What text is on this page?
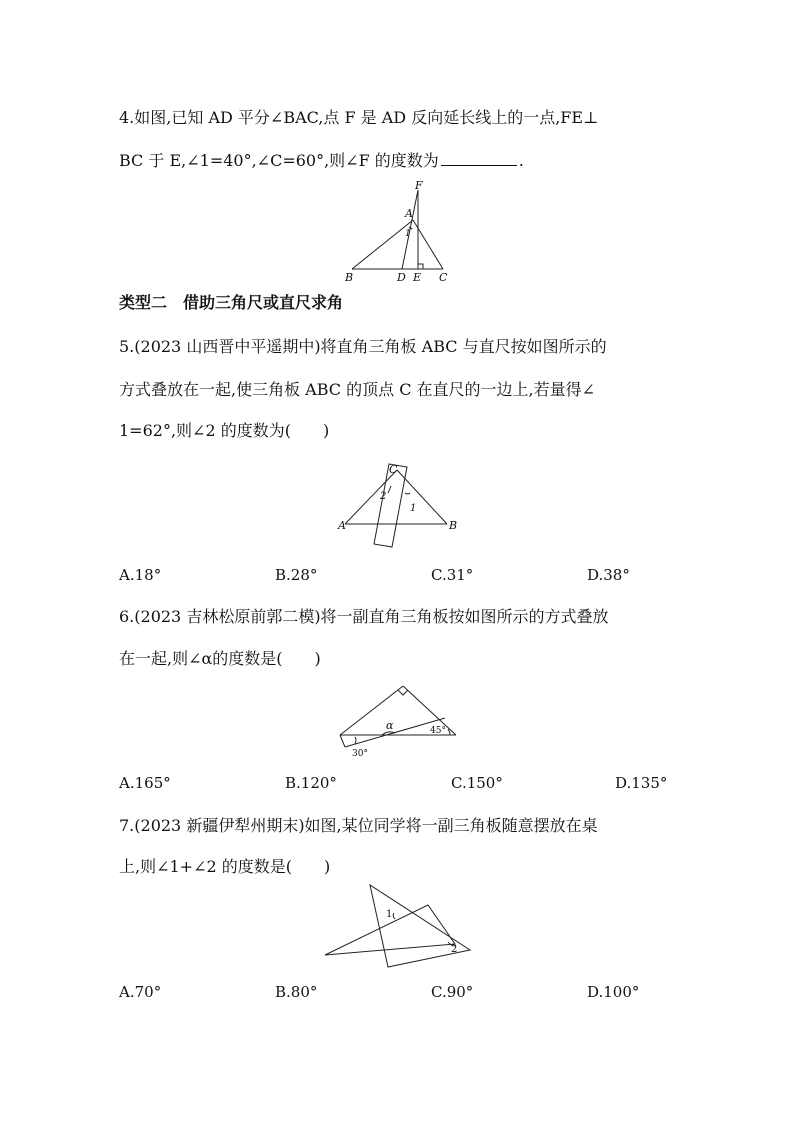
4.如图,已知 AD 平分∠BAC,点 F 是 AD 反向延长线上的一点,FE⊥
BC 于 E,∠1=40°,∠C=60°,则∠F 的度数为	.
F
A
1
B	D E C
类型二　借助三角尺或直尺求角
5.(2023 山西晋中平遥期中)将直角三角板 ABC 与直尺按如图所示的
方式叠放在一起,使三角板 ABC 的顶点 C 在直尺的一边上,若量得∠
1=62°,则∠2 的度数为(　　)
C
2
1
A	B
A.18°	B.28°	C.31°	D.38°
6.(2023 吉林松原前郭二模)将一副直角三角板按如图所示的方式叠放
在一起,则∠α的度数是(　　)
α	45°
30°
A.165°	B.120°	C.150°	D.135°
7.(2023 新疆伊犁州期末)如图,某位同学将一副三角板随意摆放在桌
上,则∠1+∠2 的度数是(　　)
1
2
A.70°	B.80°	C.90°	D.100°
